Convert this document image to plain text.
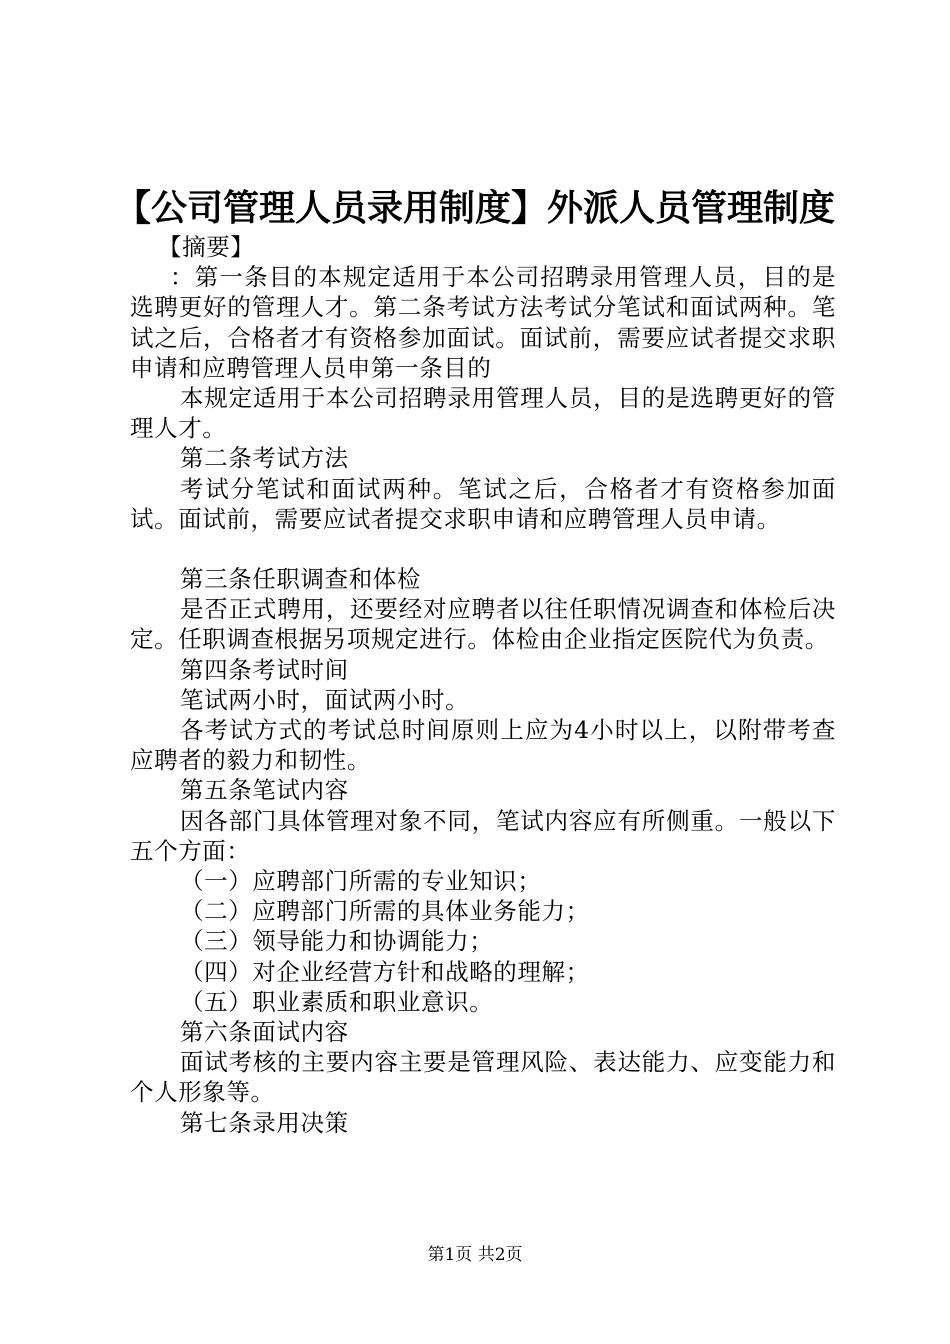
【公司管理人员录用制度】外派人员管理制度

【摘要】

：第一条目的本规定适用于本公司招聘录用管理人员，目的是选聘更好的管理人才。第二条考试方法考试分笔试和面试两种。笔试之后，合格者才有资格参加面试。面试前，需要应试者提交求职申请和应聘管理人员申第一条目的

本规定适用于本公司招聘录用管理人员，目的是选聘更好的管理人才。

第二条考试方法

考试分笔试和面试两种。笔试之后，合格者才有资格参加面试。面试前，需要应试者提交求职申请和应聘管理人员申请。

第三条任职调查和体检

是否正式聘用，还要经对应聘者以往任职情况调查和体检后决定。任职调查根据另项规定进行。体检由企业指定医院代为负责。

第四条考试时间

笔试两小时，面试两小时。

各考试方式的考试总时间原则上应为4小时以上，以附带考查应聘者的毅力和韧性。

第五条笔试内容

因各部门具体管理对象不同，笔试内容应有所侧重。一般以下五个方面：

（一）应聘部门所需的专业知识；

（二）应聘部门所需的具体业务能力；

（三）领导能力和协调能力；

（四）对企业经营方针和战略的理解；

（五）职业素质和职业意识。

第六条面试内容

面试考核的主要内容主要是管理风险、表达能力、应变能力和个人形象等。

第七条录用决策

第1页 共2页
